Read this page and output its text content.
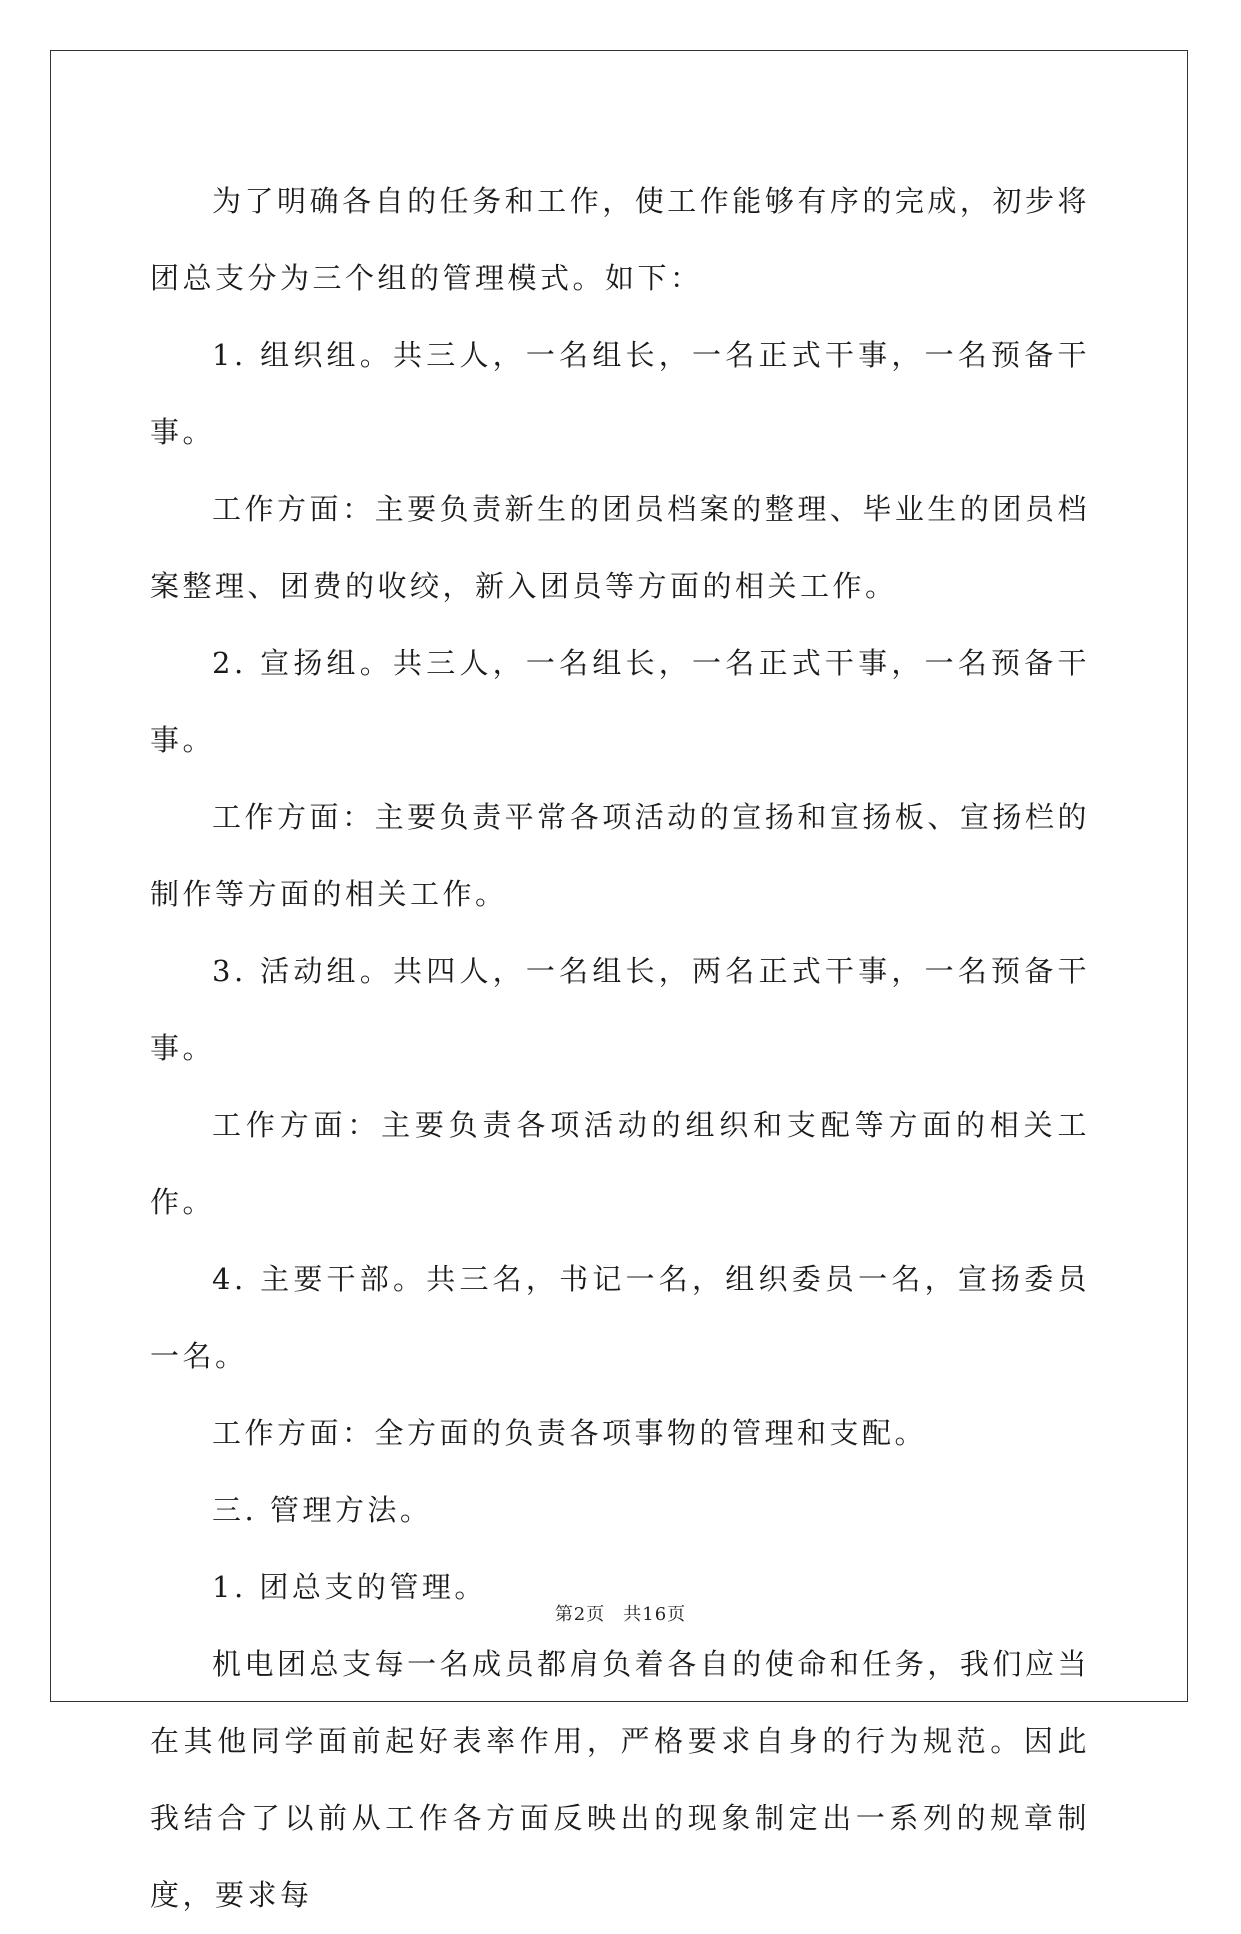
为了明确各自的任务和工作，使工作能够有序的完成，初步将团总支分为三个组的管理模式。如下：

1. 组织组。共三人，一名组长，一名正式干事，一名预备干事。

工作方面：主要负责新生的团员档案的整理、毕业生的团员档案整理、团费的收绞，新入团员等方面的相关工作。

2. 宣扬组。共三人，一名组长，一名正式干事，一名预备干事。

工作方面：主要负责平常各项活动的宣扬和宣扬板、宣扬栏的制作等方面的相关工作。

3. 活动组。共四人，一名组长，两名正式干事，一名预备干事。

工作方面：主要负责各项活动的组织和支配等方面的相关工作。

4. 主要干部。共三名，书记一名，组织委员一名，宣扬委员一名。

工作方面：全方面的负责各项事物的管理和支配。

三. 管理方法。

1. 团总支的管理。

机电团总支每一名成员都肩负着各自的使命和任务，我们应当在其他同学面前起好表率作用，严格要求自身的行为规范。因此我结合了以前从工作各方面反映出的现象制定出一系列的规章制度，要求每

第2页 共16页
